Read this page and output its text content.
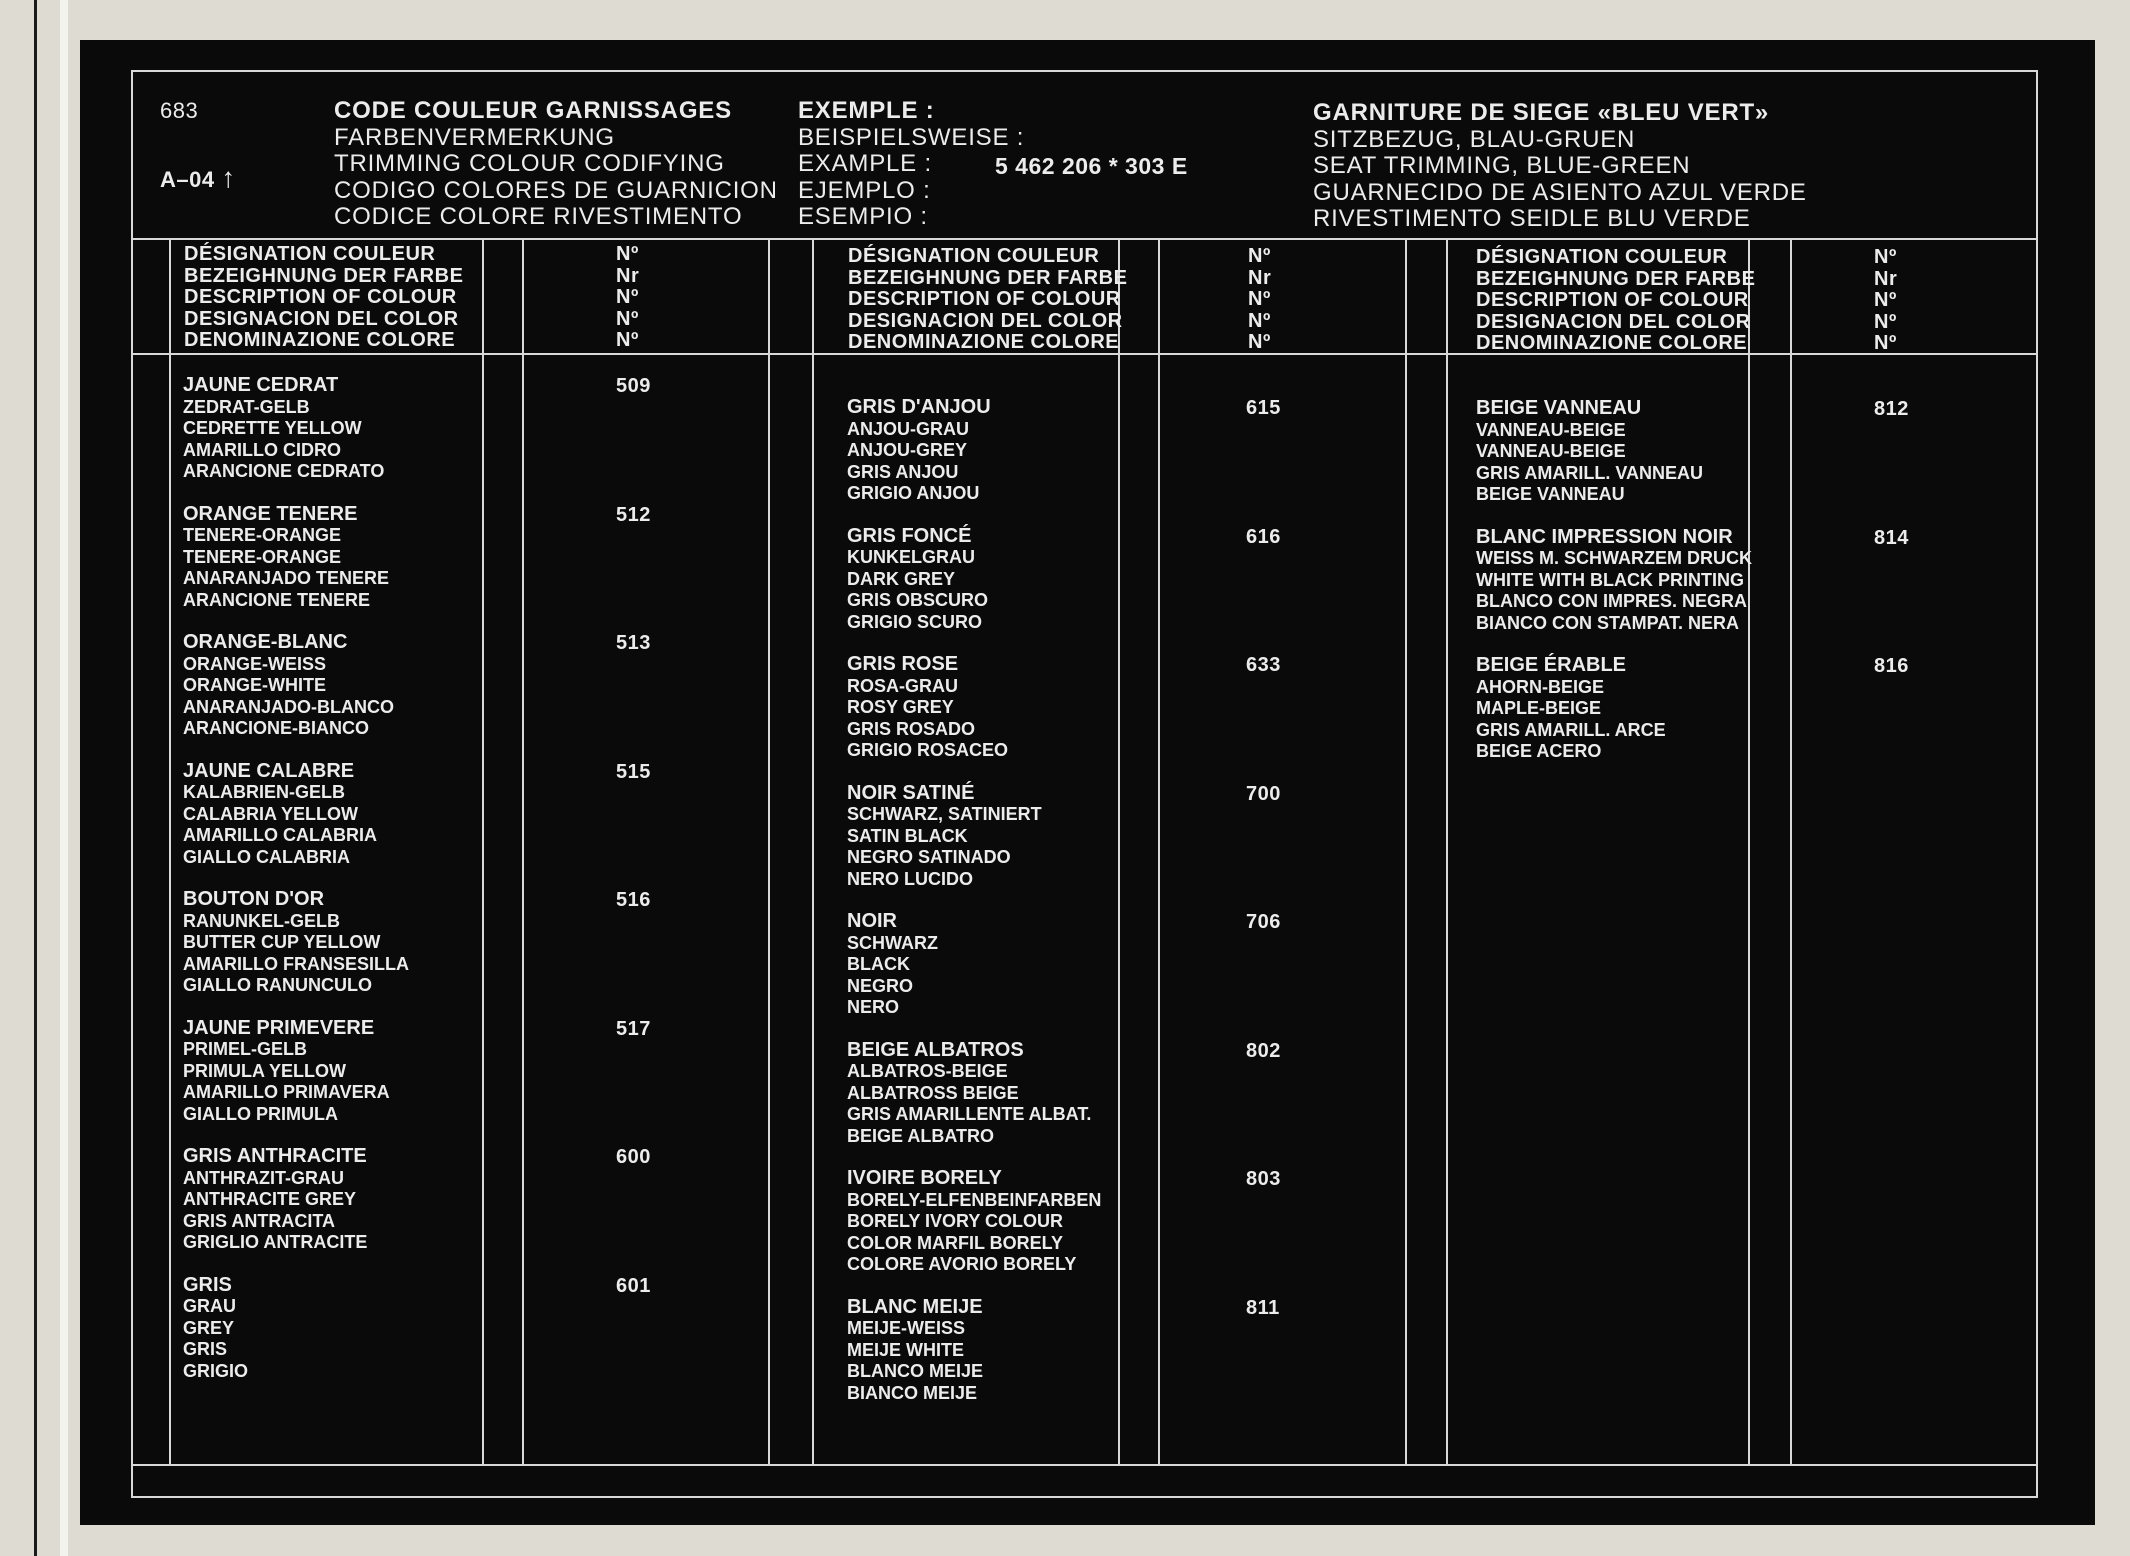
683
A–04 ↑
CODE COULEUR GARNISSAGES
FARBENVERMERKUNG
TRIMMING COLOUR CODIFYING
CODIGO COLORES DE GUARNICION
CODICE COLORE RIVESTIMENTO
EXEMPLE :
BEISPIELSWEISE :
EXAMPLE :
EJEMPLO :
ESEMPIO :
5 462 206 * 303 E
GARNITURE DE SIEGE «BLEU VERT»
SITZBEZUG, BLAU-GRUEN
SEAT TRIMMING, BLUE-GREEN
GUARNECIDO DE ASIENTO AZUL VERDE
RIVESTIMENTO SEIDLE BLU VERDE
DÉSIGNATION COULEUR
BEZEIGHNUNG DER FARBE
DESCRIPTION OF COLOUR
DESIGNACION DEL COLOR
DENOMINAZIONE COLORE
Nº
Nr
Nº
Nº
Nº
DÉSIGNATION COULEUR
BEZEIGHNUNG DER FARBE
DESCRIPTION OF COLOUR
DESIGNACION DEL COLOR
DENOMINAZIONE COLORE
Nº
Nr
Nº
Nº
Nº
DÉSIGNATION COULEUR
BEZEIGHNUNG DER FARBE
DESCRIPTION OF COLOUR
DESIGNACION DEL COLOR
DENOMINAZIONE COLORE
Nº
Nr
Nº
Nº
Nº
JAUNE CEDRAT
ZEDRAT-GELB
CEDRETTE YELLOW
AMARILLO CIDRO
ARANCIONE CEDRATO
509
ORANGE TENERE
TENERE-ORANGE
TENERE-ORANGE
ANARANJADO TENERE
ARANCIONE TENERE
512
ORANGE-BLANC
ORANGE-WEISS
ORANGE-WHITE
ANARANJADO-BLANCO
ARANCIONE-BIANCO
513
JAUNE CALABRE
KALABRIEN-GELB
CALABRIA YELLOW
AMARILLO CALABRIA
GIALLO CALABRIA
515
BOUTON D'OR
RANUNKEL-GELB
BUTTER CUP YELLOW
AMARILLO FRANSESILLA
GIALLO RANUNCULO
516
JAUNE PRIMEVERE
PRIMEL-GELB
PRIMULA YELLOW
AMARILLO PRIMAVERA
GIALLO PRIMULA
517
GRIS ANTHRACITE
ANTHRAZIT-GRAU
ANTHRACITE GREY
GRIS ANTRACITA
GRIGLIO ANTRACITE
600
GRIS
GRAU
GREY
GRIS
GRIGIO
601
GRIS D'ANJOU
ANJOU-GRAU
ANJOU-GREY
GRIS ANJOU
GRIGIO ANJOU
615
GRIS FONCÉ
KUNKELGRAU
DARK GREY
GRIS OBSCURO
GRIGIO SCURO
616
GRIS ROSE
ROSA-GRAU
ROSY GREY
GRIS ROSADO
GRIGIO ROSACEO
633
NOIR SATINÉ
SCHWARZ, SATINIERT
SATIN BLACK
NEGRO SATINADO
NERO LUCIDO
700
NOIR
SCHWARZ
BLACK
NEGRO
NERO
706
BEIGE ALBATROS
ALBATROS-BEIGE
ALBATROSS BEIGE
GRIS AMARILLENTE ALBAT.
BEIGE ALBATRO
802
IVOIRE BORELY
BORELY-ELFENBEINFARBEN
BORELY IVORY COLOUR
COLOR MARFIL BORELY
COLORE AVORIO BORELY
803
BLANC MEIJE
MEIJE-WEISS
MEIJE WHITE
BLANCO MEIJE
BIANCO MEIJE
811
BEIGE VANNEAU
VANNEAU-BEIGE
VANNEAU-BEIGE
GRIS AMARILL. VANNEAU
BEIGE VANNEAU
812
BLANC IMPRESSION NOIR
WEISS M. SCHWARZEM DRUCK
WHITE WITH BLACK PRINTING
BLANCO CON IMPRES. NEGRA
BIANCO CON STAMPAT. NERA
814
BEIGE ÉRABLE
AHORN-BEIGE
MAPLE-BEIGE
GRIS AMARILL. ARCE
BEIGE ACERO
816
